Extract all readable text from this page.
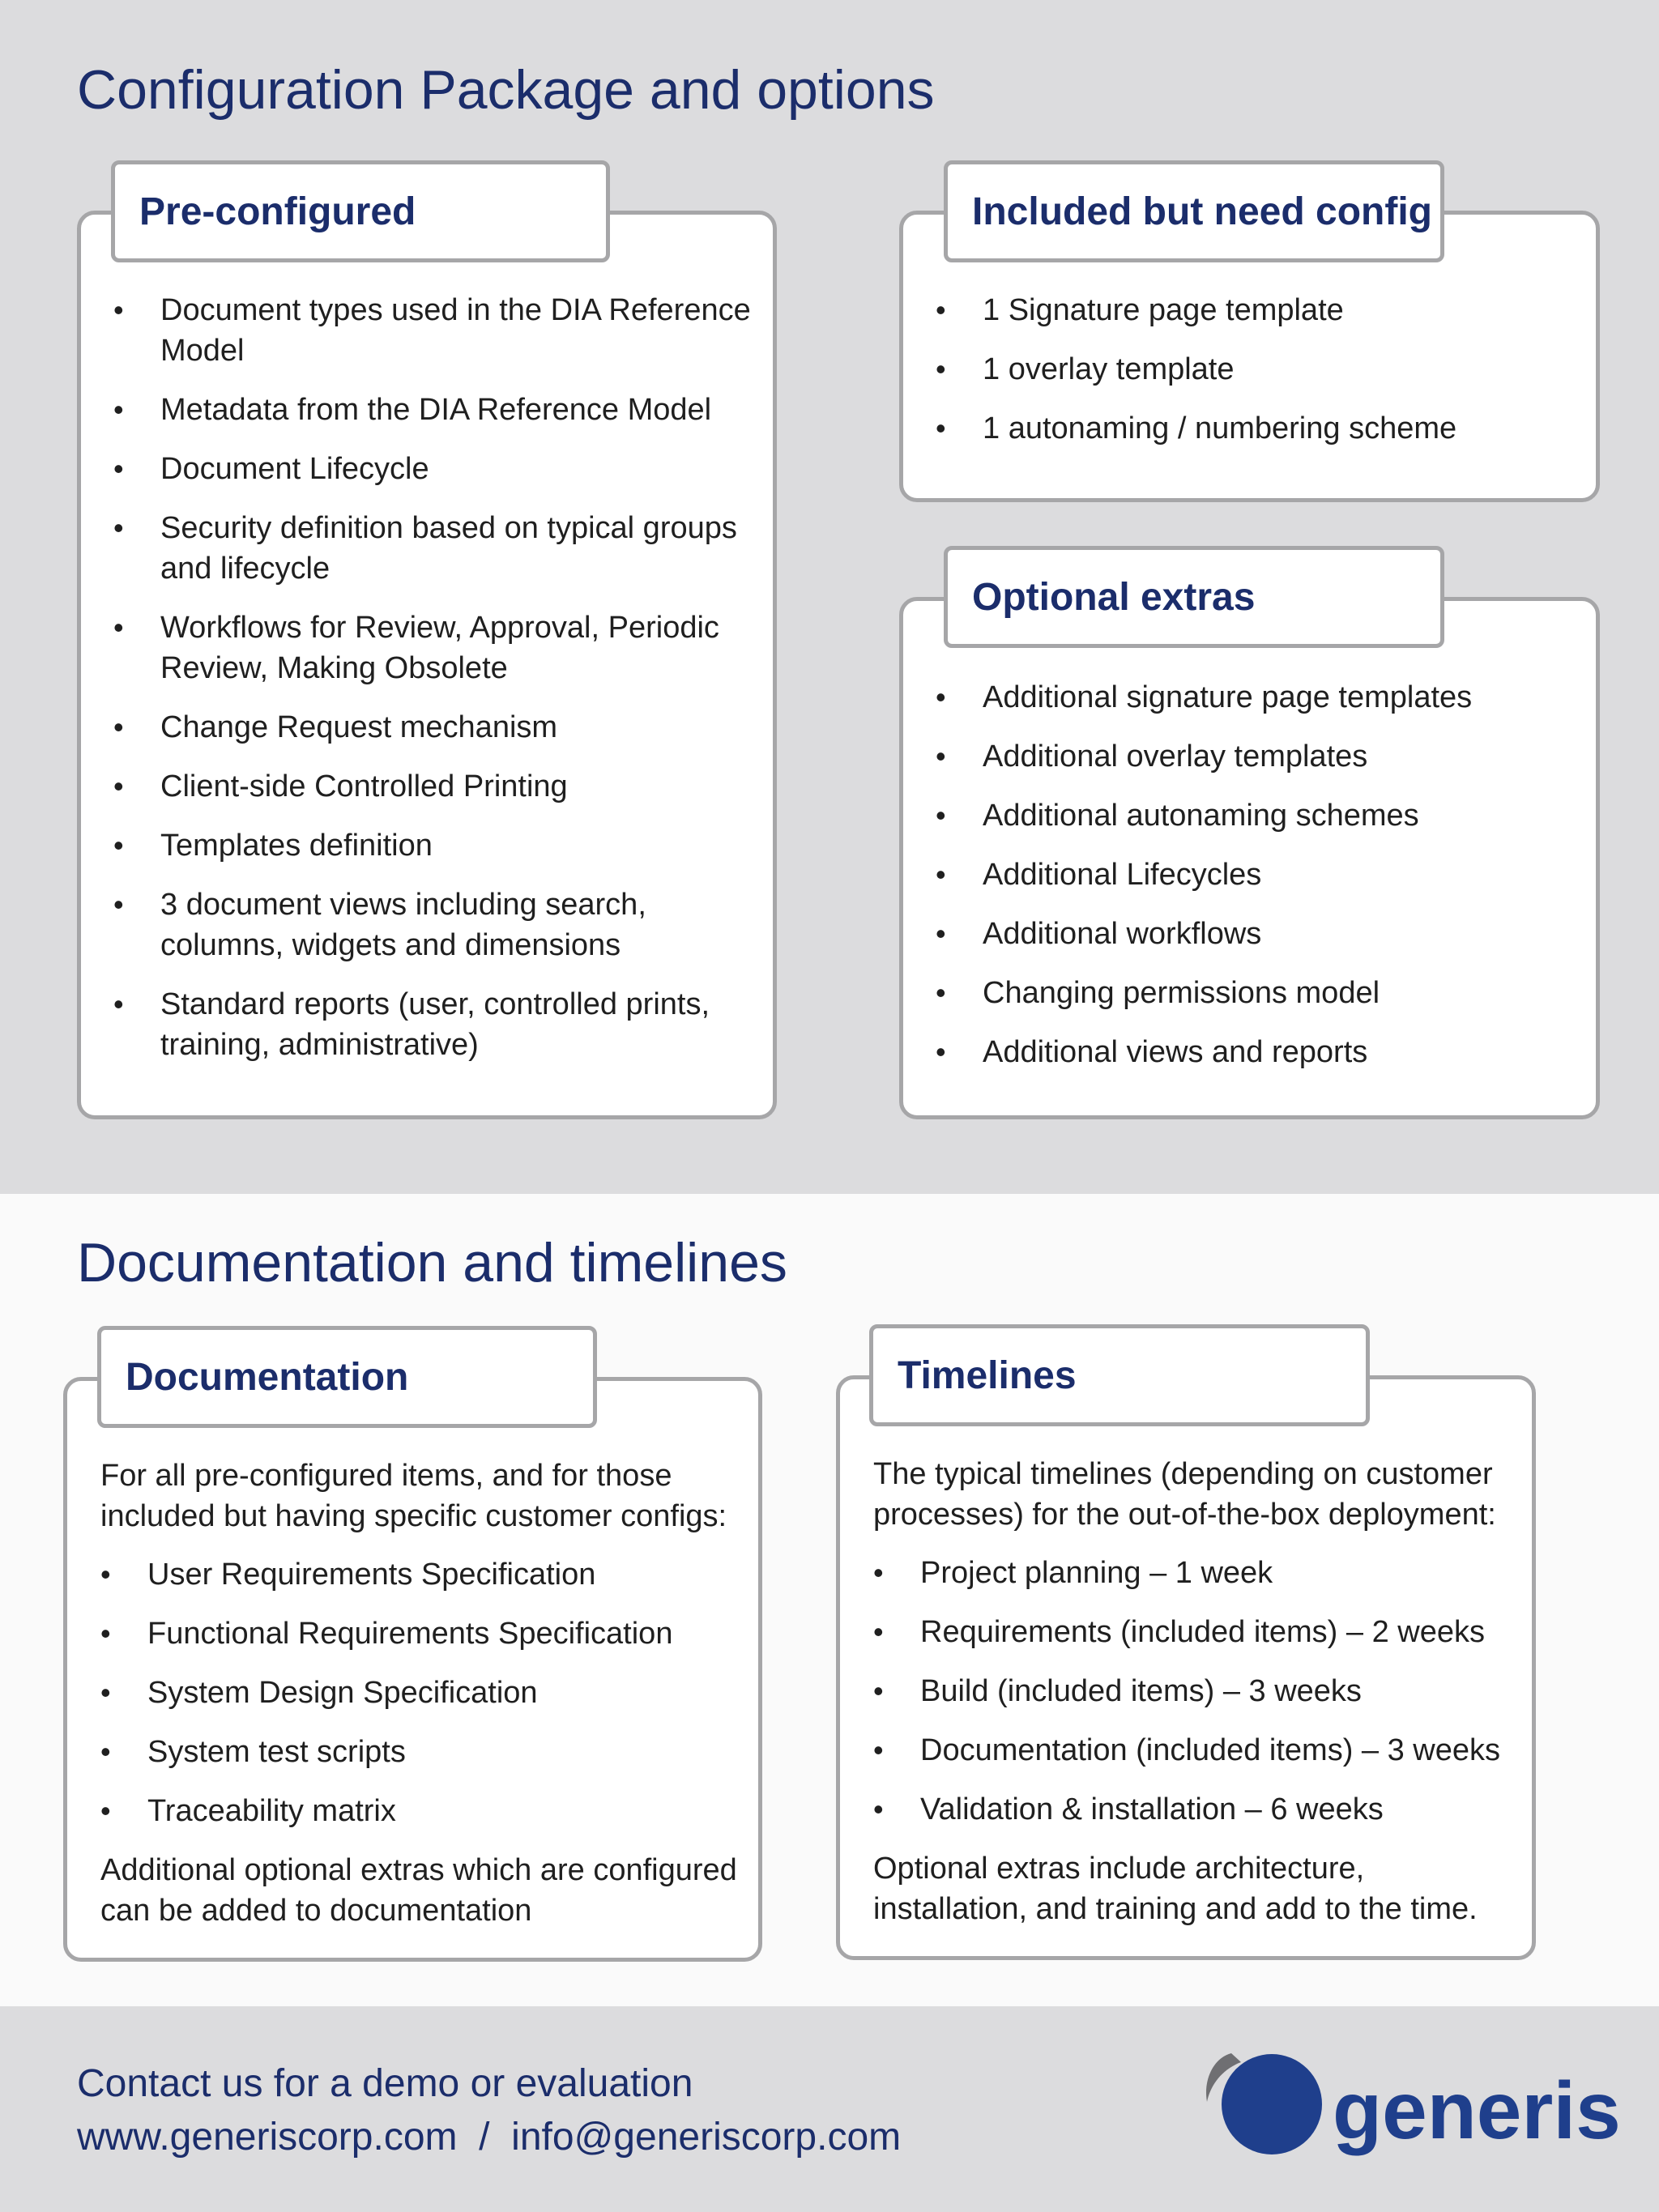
Configuration Package and options
Pre-configured
• Document types used in the DIA Reference Model
• Metadata from the DIA Reference Model
• Document Lifecycle
• Security definition based on typical groups and lifecycle
• Workflows for Review, Approval, Periodic Review, Making Obsolete
• Change Request mechanism
• Client-side Controlled Printing
• Templates definition
• 3 document views including search, columns, widgets and dimensions
• Standard reports (user, controlled prints, training, administrative)
Included but need config
• 1 Signature page template
• 1 overlay template
• 1 autonaming / numbering scheme
Optional extras
• Additional signature page templates
• Additional overlay templates
• Additional autonaming schemes
• Additional Lifecycles
• Additional workflows
• Changing permissions model
• Additional views and reports
Documentation and timelines
Documentation
For all pre-configured items, and for those included but having specific customer configs:
• User Requirements Specification
• Functional Requirements Specification
• System Design Specification
• System test scripts
• Traceability matrix
Additional optional extras which are configured can be added to documentation
Timelines
The typical timelines (depending on customer processes) for the out-of-the-box deployment:
• Project planning – 1 week
• Requirements (included items) – 2 weeks
• Build (included items) – 3 weeks
• Documentation (included items) – 3 weeks
• Validation & installation – 6 weeks
Optional extras include architecture, installation, and training and add to the time.
Contact us for a demo or evaluation
www.generiscorp.com  /  info@generiscorp.com	generis
